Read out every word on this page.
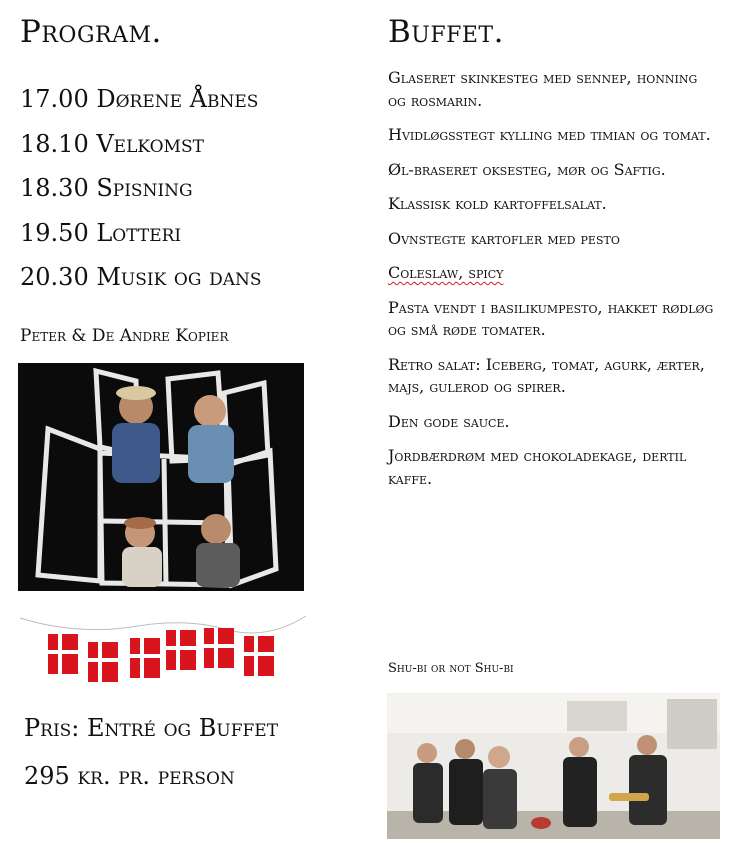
Program.	Buffet.
17.00 Dørene Åbnes
18.10 Velkomst
18.30 Spisning
19.50 Lotteri
20.30 Musik og dans
Peter & De Andre Kopier
Pris: Entré og Buffet
295 kr. pr. person
Glaseret skinkesteg med sennep, honning og rosmarin.
Hvidløgsstegt kylling med timian og tomat.
Øl-braseret oksesteg, mør og Saftig.
Klassisk kold kartoffelsalat.
Ovnstegte kartofler med pesto
Coleslaw, spicy
Pasta vendt i basilikumpesto, hakket rødløg og små røde tomater.
Retro salat: Iceberg, tomat, agurk, ærter, majs, gulerod og spirer.
Den gode sauce.
Jordbærdrøm med chokoladekage, dertil kaffe.
Shu-bi or not Shu-bi
